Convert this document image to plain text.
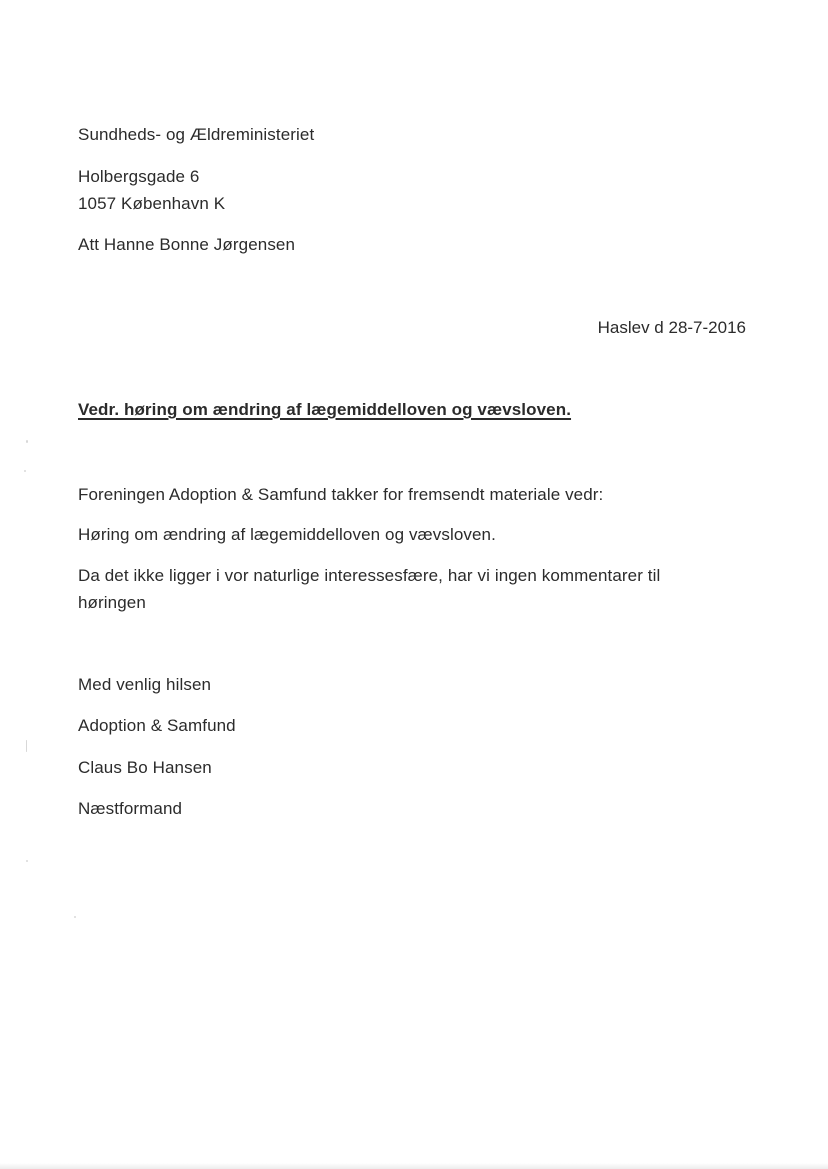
Sundheds- og Ældreministeriet
Holbergsgade 6
1057 København K
Att Hanne Bonne Jørgensen
Haslev d 28-7-2016
Vedr. høring om ændring af lægemiddelloven og vævsloven.
Foreningen Adoption & Samfund takker for fremsendt materiale vedr:
Høring om ændring af lægemiddelloven og vævsloven.
Da det ikke ligger i vor naturlige interessesfære, har vi ingen kommentarer til
høringen
Med venlig hilsen
Adoption & Samfund
Claus Bo Hansen
Næstformand
